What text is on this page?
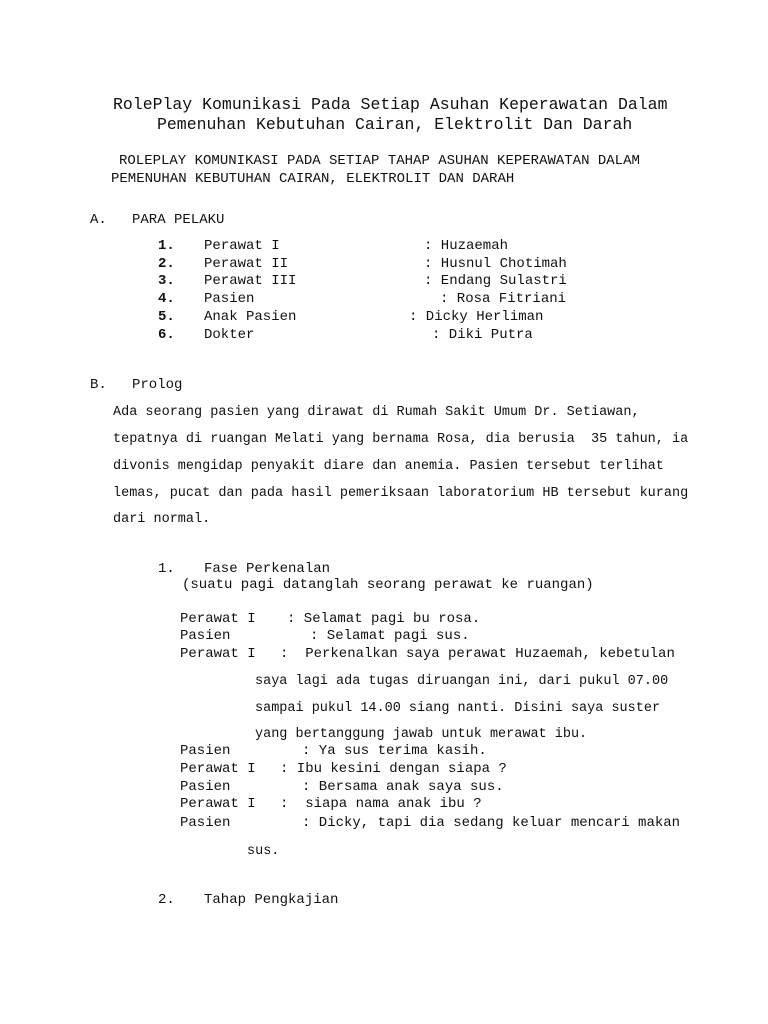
RolePlay Komunikasi Pada Setiap Asuhan Keperawatan Dalam
Pemenuhan Kebutuhan Cairan, Elektrolit Dan Darah
ROLEPLAY KOMUNIKASI PADA SETIAP TAHAP ASUHAN KEPERAWATAN DALAM
PEMENUHAN KEBUTUHAN CAIRAN, ELEKTROLIT DAN DARAH
A. PARA PELAKU
1. Perawat I	: Huzaemah
2. Perawat II	: Husnul Chotimah
3. Perawat III	: Endang Sulastri
4. Pasien	: Rosa Fitriani
5. Anak Pasien	: Dicky Herliman
6. Dokter	: Diki Putra
B. Prolog
Ada seorang pasien yang dirawat di Rumah Sakit Umum Dr. Setiawan,
tepatnya di ruangan Melati yang bernama Rosa, dia berusia  35 tahun, ia
divonis mengidap penyakit diare dan anemia. Pasien tersebut terlihat
lemas, pucat dan pada hasil pemeriksaan laboratorium HB tersebut kurang
dari normal.
1. Fase Perkenalan
(suatu pagi datanglah seorang perawat ke ruangan)
Perawat I : Selamat pagi bu rosa.
Pasien	: Selamat pagi sus.
Perawat I :  Perkenalkan saya perawat Huzaemah, kebetulan
saya lagi ada tugas diruangan ini, dari pukul 07.00
sampai pukul 14.00 siang nanti. Disini saya suster
yang bertanggung jawab untuk merawat ibu.
Pasien	: Ya sus terima kasih.
Perawat I : Ibu kesini dengan siapa ?
Pasien	: Bersama anak saya sus.
Perawat I :  siapa nama anak ibu ?
Pasien	: Dicky, tapi dia sedang keluar mencari makan
sus.
2. Tahap Pengkajian
